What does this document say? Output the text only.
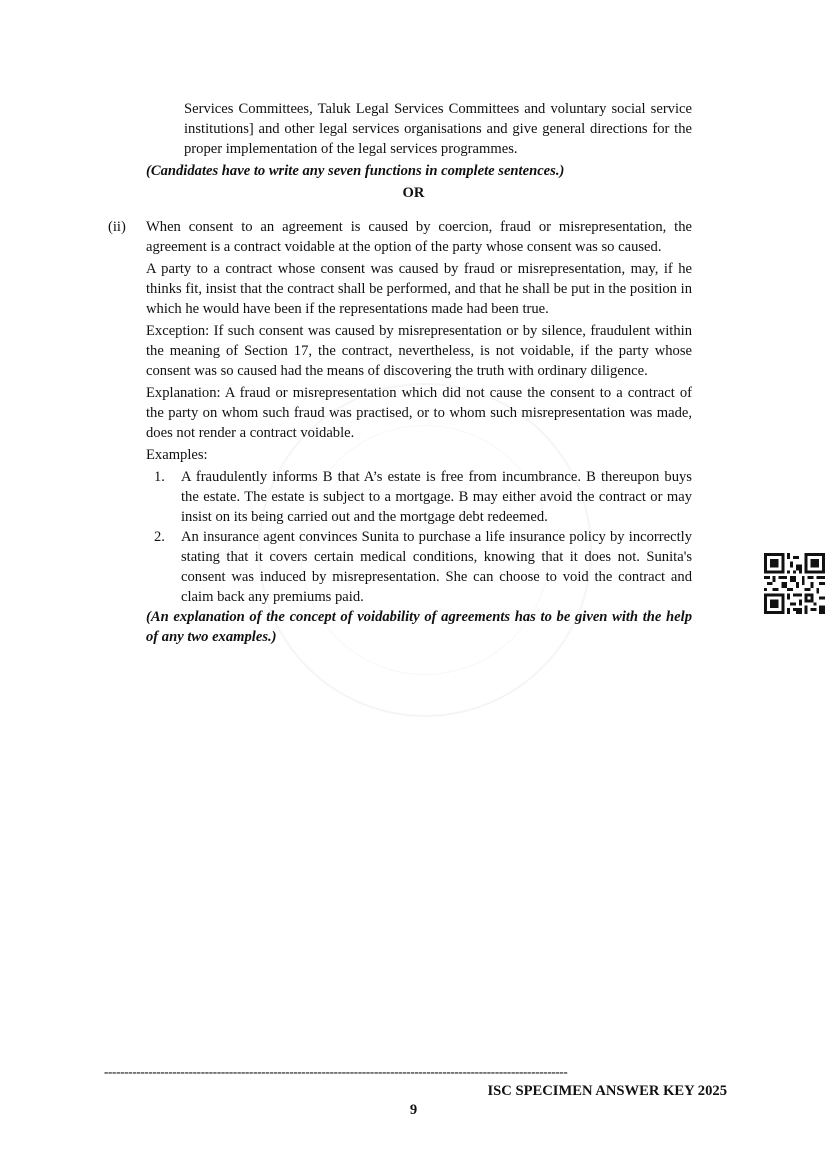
Services Committees, Taluk Legal Services Committees and voluntary social service institutions] and other legal services organisations and give general directions for the proper implementation of the legal services programmes.

(Candidates have to write any seven functions in complete sentences.)
OR
(ii) When consent to an agreement is caused by coercion, fraud or misrepresentation, the agreement is a contract voidable at the option of the party whose consent was so caused.

A party to a contract whose consent was caused by fraud or misrepresentation, may, if he thinks fit, insist that the contract shall be performed, and that he shall be put in the position in which he would have been if the representations made had been true.

Exception: If such consent was caused by misrepresentation or by silence, fraudulent within the meaning of Section 17, the contract, nevertheless, is not voidable, if the party whose consent was so caused had the means of discovering the truth with ordinary diligence.

Explanation: A fraud or misrepresentation which did not cause the consent to a contract of the party on whom such fraud was practised, or to whom such misrepresentation was made, does not render a contract voidable.

Examples:

1. A fraudulently informs B that A’s estate is free from incumbrance. B thereupon buys the estate. The estate is subject to a mortgage. B may either avoid the contract or may insist on its being carried out and the mortgage debt redeemed.
2. An insurance agent convinces Sunita to purchase a life insurance policy by incorrectly stating that it covers certain medical conditions, knowing that it does not. Sunita's consent was induced by misrepresentation. She can choose to void the contract and claim back any premiums paid.

(An explanation of the concept of voidability of agreements has to be given with the help of any two examples.)

-------------------------------------------------------------------------------------------------------------------
ISC SPECIMEN ANSWER KEY 2025
9
